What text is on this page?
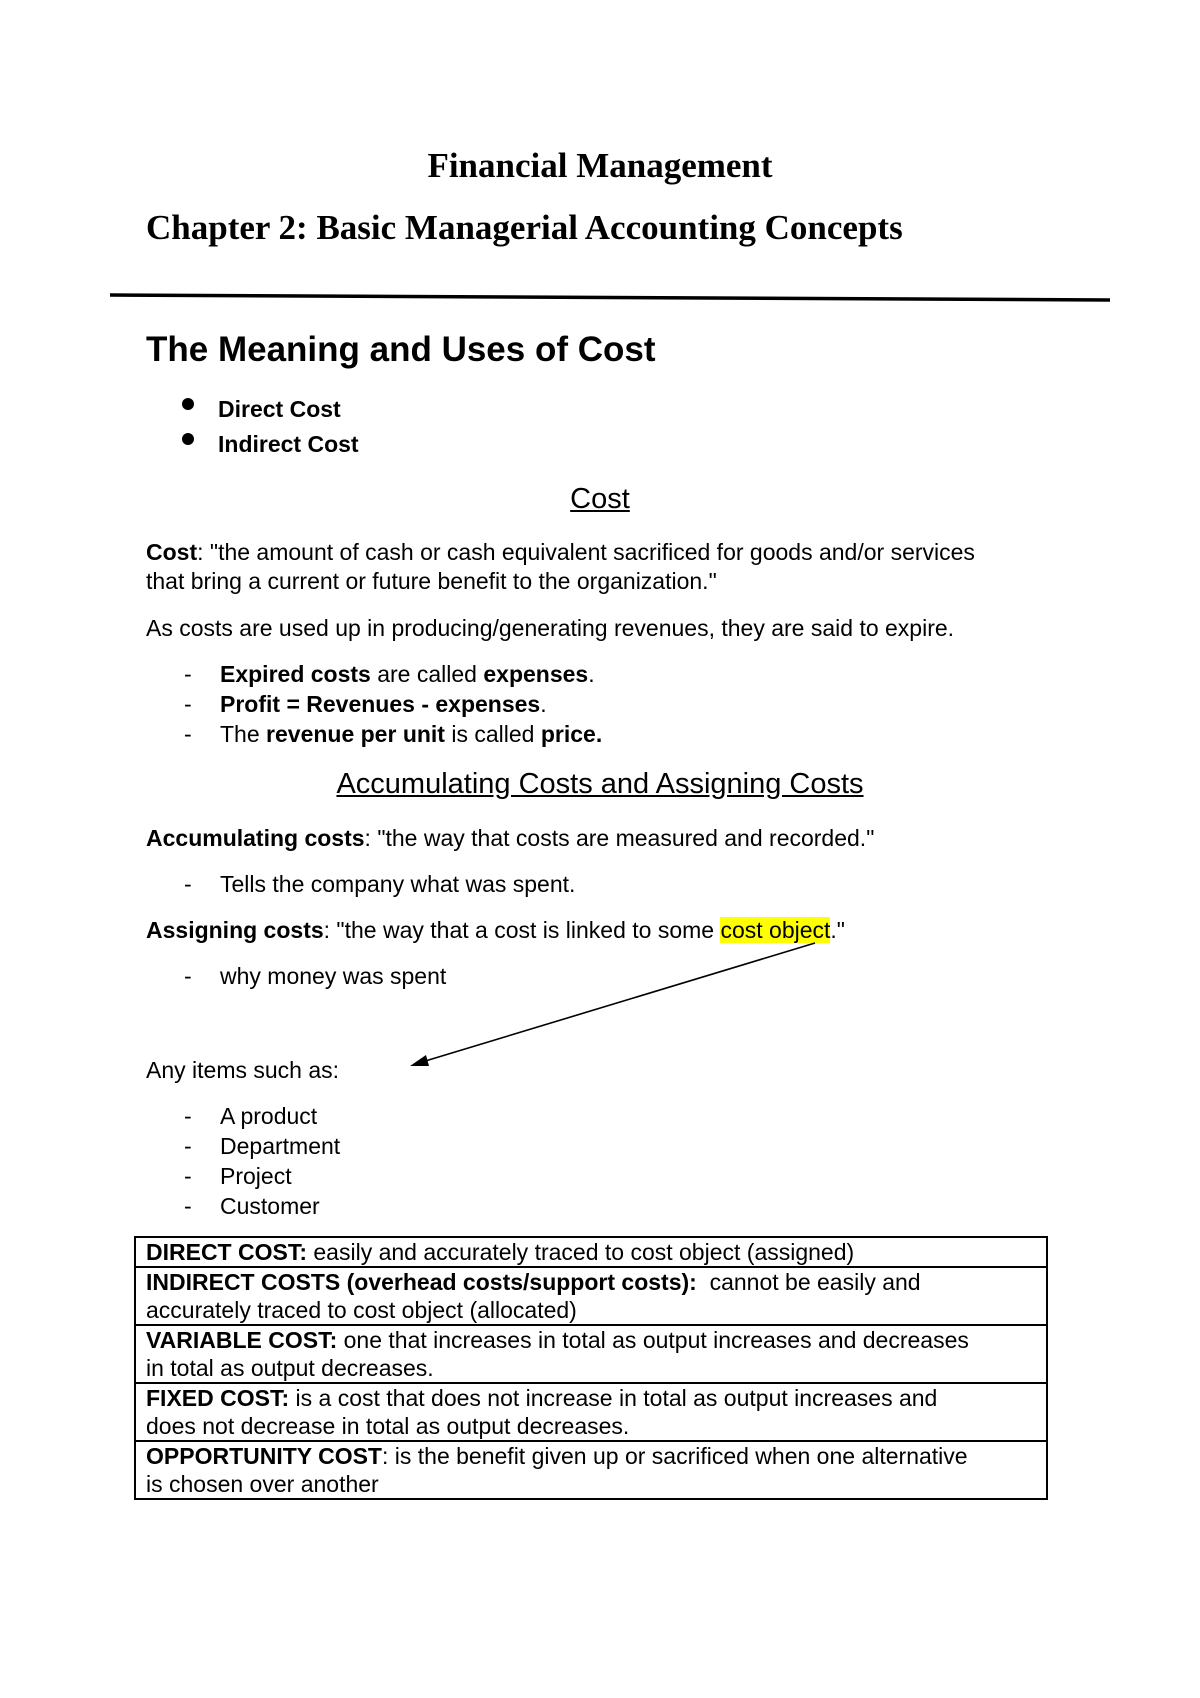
Financial Management
Chapter 2: Basic Managerial Accounting Concepts
The Meaning and Uses of Cost
Direct Cost
Indirect Cost
Cost
Cost: "the amount of cash or cash equivalent sacrificed for goods and/or services
that bring a current or future benefit to the organization."
As costs are used up in producing/generating revenues, they are said to expire.
- Expired costs are called expenses.
- Profit = Revenues - expenses.
- The revenue per unit is called price.
Accumulating Costs and Assigning Costs
Accumulating costs: "the way that costs are measured and recorded."
- Tells the company what was spent.
Assigning costs: "the way that a cost is linked to some cost object."
- why money was spent
Any items such as:
- A product
- Department
- Project
- Customer
DIRECT COST: easily and accurately traced to cost object (assigned)
INDIRECT COSTS (overhead costs/support costs):  cannot be easily and
accurately traced to cost object (allocated)
VARIABLE COST: one that increases in total as output increases and decreases
in total as output decreases.
FIXED COST: is a cost that does not increase in total as output increases and
does not decrease in total as output decreases.
OPPORTUNITY COST: is the benefit given up or sacrificed when one alternative
is chosen over another
